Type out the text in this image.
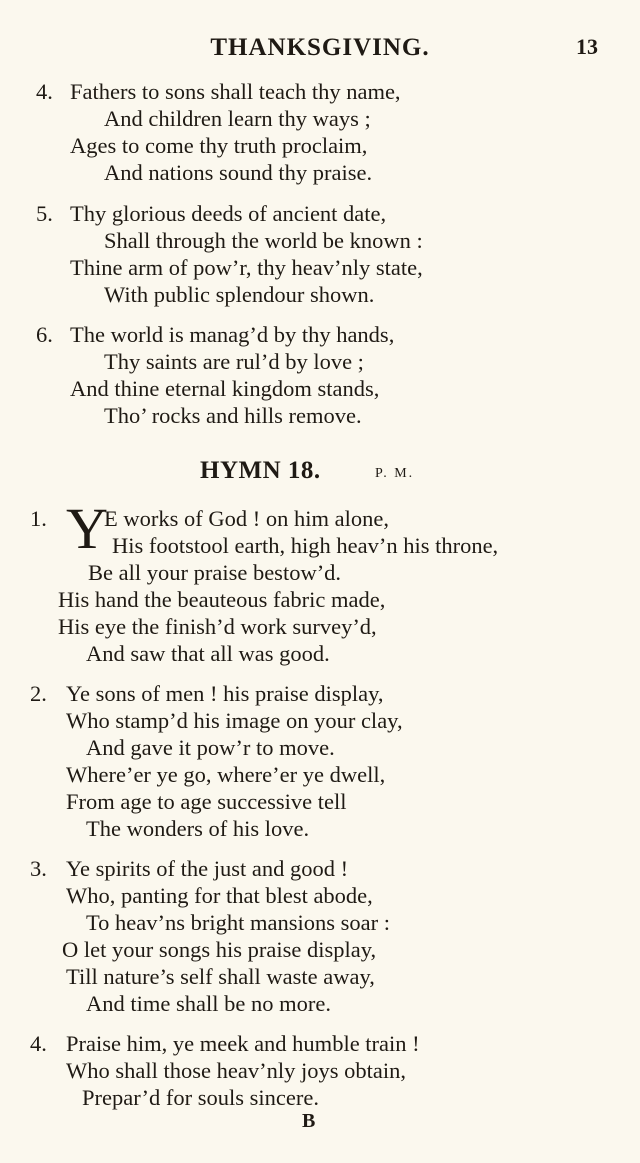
THANKSGIVING.	13
4. Fathers to sons shall teach thy name,
And children learn thy ways ;
Ages to come thy truth proclaim,
And nations sound thy praise.
5. Thy glorious deeds of ancient date,
Shall through the world be known :
Thine arm of pow’r, thy heav’nly state,
With public splendour shown.
6. The world is manag’d by thy hands,
Thy saints are rul’d by love ;
And thine eternal kingdom stands,
Tho’ rocks and hills remove.
HYMN 18.	P. M.
1. Y
E works of God ! on him alone,
His footstool earth, high heav’n his throne,
Be all your praise bestow’d.
His hand the beauteous fabric made,
His eye the finish’d work survey’d,
And saw that all was good.
2. Ye sons of men ! his praise display,
Who stamp’d his image on your clay,
And gave it pow’r to move.
Where’er ye go, where’er ye dwell,
From age to age successive tell
The wonders of his love.
3. Ye spirits of the just and good !
Who, panting for that blest abode,
To heav’ns bright mansions soar :
O let your songs his praise display,
Till nature’s self shall waste away,
And time shall be no more.
4. Praise him, ye meek and humble train !
Who shall those heav’nly joys obtain,
Prepar’d for souls sincere.
B
